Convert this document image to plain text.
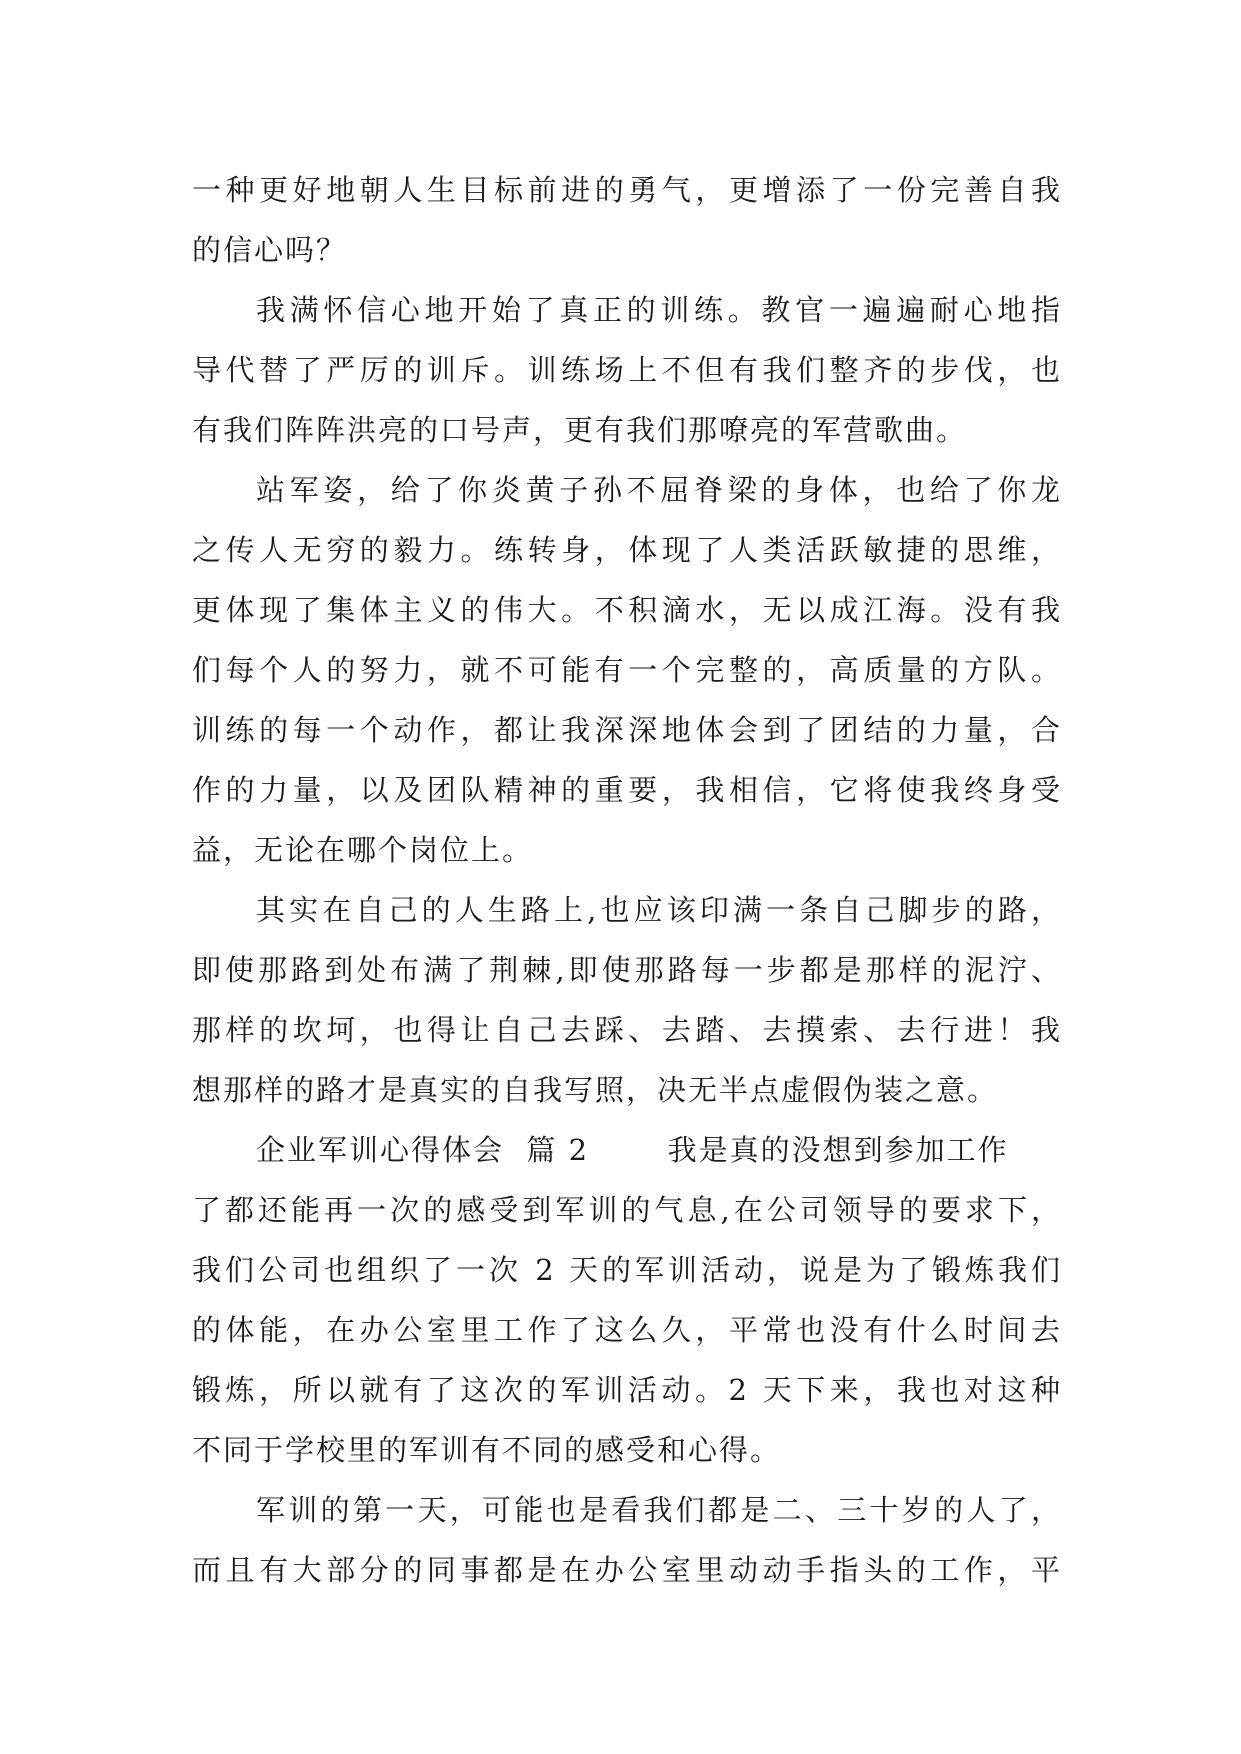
一种更好地朝人生目标前进的勇气，更增添了一份完善自我
的信心吗？
我满怀信心地开始了真正的训练。教官一遍遍耐心地指
导代替了严厉的训斥。训练场上不但有我们整齐的步伐，也
有我们阵阵洪亮的口号声，更有我们那嘹亮的军营歌曲。
站军姿，给了你炎黄子孙不屈脊梁的身体，也给了你龙
之传人无穷的毅力。练转身，体现了人类活跃敏捷的思维，
更体现了集体主义的伟大。不积滴水，无以成江海。没有我
们每个人的努力，就不可能有一个完整的，高质量的方队。
训练的每一个动作，都让我深深地体会到了团结的力量，合
作的力量，以及团队精神的重要，我相信，它将使我终身受
益，无论在哪个岗位上。
其实在自己的人生路上,也应该印满一条自己脚步的路，
即使那路到处布满了荆棘,即使那路每一步都是那样的泥泞、
那样的坎坷，也得让自己去踩、去踏、去摸索、去行进！我
想那样的路才是真实的自我写照，决无半点虚假伪装之意。
企业军训心得体会  篇 2       我是真的没想到参加工作
了都还能再一次的感受到军训的气息,在公司领导的要求下，
我们公司也组织了一次 2 天的军训活动，说是为了锻炼我们
的体能，在办公室里工作了这么久，平常也没有什么时间去
锻炼，所以就有了这次的军训活动。2 天下来，我也对这种
不同于学校里的军训有不同的感受和心得。
军训的第一天，可能也是看我们都是二、三十岁的人了，
而且有大部分的同事都是在办公室里动动手指头的工作，平
